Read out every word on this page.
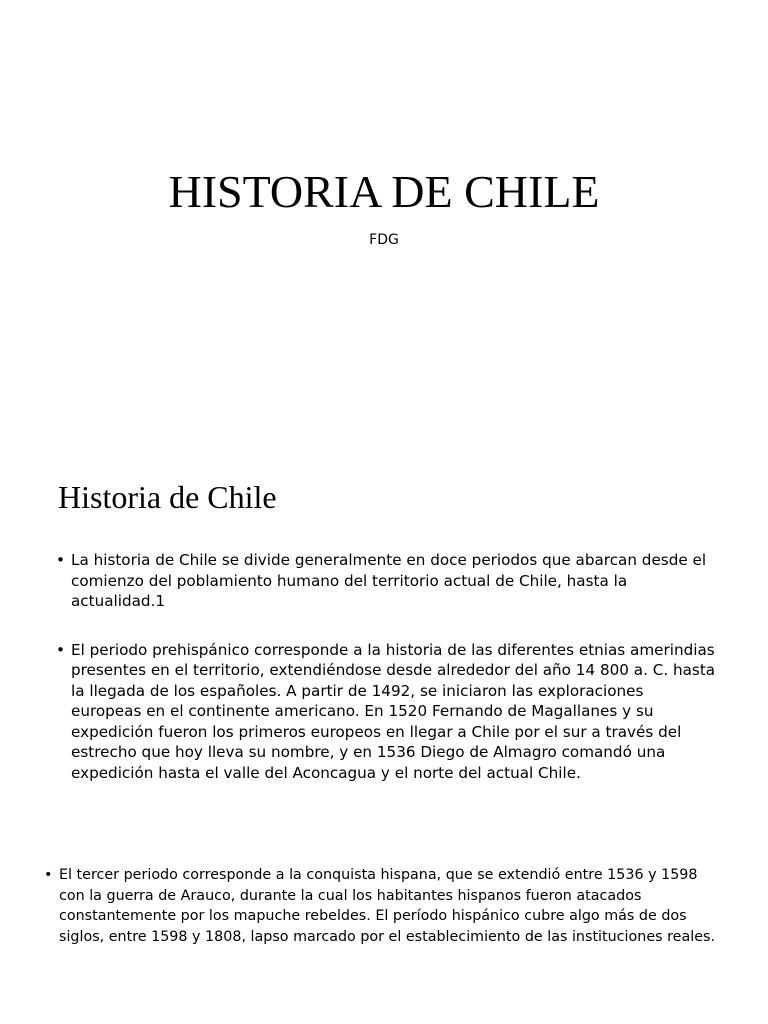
HISTORIA DE CHILE

FDG

Historia de Chile
• La historia de Chile se divide generalmente en doce periodos que abarcan desde el comienzo del poblamiento humano del territorio actual de Chile, hasta la actualidad.1
• El periodo prehispánico corresponde a la historia de las diferentes etnias amerindias presentes en el territorio, extendiéndose desde alrededor del año 14 800 a. C. hasta la llegada de los españoles. A partir de 1492, se iniciaron las exploraciones europeas en el continente americano. En 1520 Fernando de Magallanes y su expedición fueron los primeros europeos en llegar a Chile por el sur a través del estrecho que hoy lleva su nombre, y en 1536 Diego de Almagro comandó una expedición hasta el valle del Aconcagua y el norte del actual Chile.
• El tercer periodo corresponde a la conquista hispana, que se extendió entre 1536 y 1598 con la guerra de Arauco, durante la cual los habitantes hispanos fueron atacados constantemente por los mapuche rebeldes. El período hispánico cubre algo más de dos siglos, entre 1598 y 1808, lapso marcado por el establecimiento de las instituciones reales.
